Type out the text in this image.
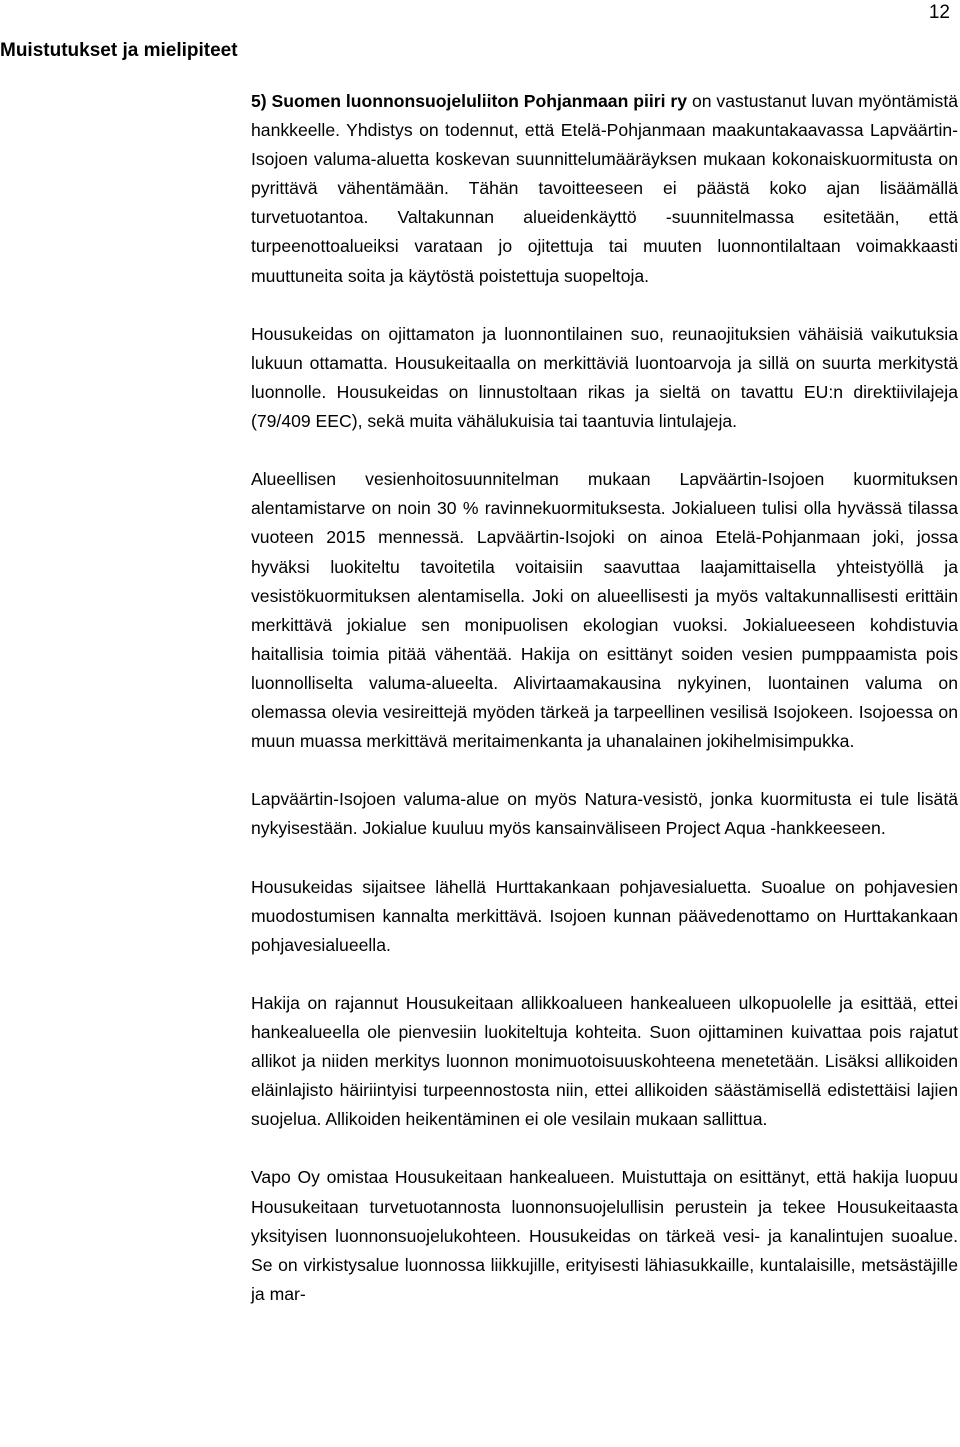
12
Muistutukset ja mielipiteet

5) Suomen luonnonsuojeluliiton Pohjanmaan piiri ry on vastustanut luvan myöntämistä hankkeelle. Yhdistys on todennut, että Etelä-Pohjanmaan maakuntakaavassa Lapväärtin-Isojoen valuma-aluetta koskevan suunnittelumääräyksen mukaan kokonaiskuormitusta on pyrittävä vähentämään. Tähän tavoitteeseen ei päästä koko ajan lisäämällä turvetuotantoa. Valtakunnan alueidenkäyttö -suunnitelmassa esitetään, että turpeenottoalueiksi varataan jo ojitettuja tai muuten luonnontilaltaan voimakkaasti muuttuneita soita ja käytöstä poistettuja suopeltoja.

Housukeidas on ojittamaton ja luonnontilainen suo, reunaojituksien vähäisiä vaikutuksia lukuun ottamatta. Housukeitaalla on merkittäviä luontoarvoja ja sillä on suurta merkitystä luonnolle. Housukeidas on linnustoltaan rikas ja sieltä on tavattu EU:n direktiivilajeja (79/409 EEC), sekä muita vähälukuisia tai taantuvia lintulajeja.

Alueellisen vesienhoitosuunnitelman mukaan Lapväärtin-Isojoen kuormituksen alentamistarve on noin 30 % ravinnekuormituksesta. Jokialueen tulisi olla hyvässä tilassa vuoteen 2015 mennessä. Lapväärtin-Isojoki on ainoa Etelä-Pohjanmaan joki, jossa hyväksi luokiteltu tavoitetila voitaisiin saavuttaa laajamittaisella yhteistyöllä ja vesistökuormituksen alentamisella. Joki on alueellisesti ja myös valtakunnallisesti erittäin merkittävä jokialue sen monipuolisen ekologian vuoksi. Jokialueeseen kohdistuvia haitallisia toimia pitää vähentää. Hakija on esittänyt soiden vesien pumppaamista pois luonnolliselta valuma-alueelta. Alivirtaamakausina nykyinen, luontainen valuma on olemassa olevia vesireittejä myöden tärkeä ja tarpeellinen vesilisä Isojokeen. Isojoessa on muun muassa merkittävä meritaimenkanta ja uhanalainen jokihelmisimpukka.

Lapväärtin-Isojoen valuma-alue on myös Natura-vesistö, jonka kuormitusta ei tule lisätä nykyisestään. Jokialue kuuluu myös kansainväliseen Project Aqua -hankkeeseen.

Housukeidas sijaitsee lähellä Hurttakankaan pohjavesialuetta. Suoalue on pohjavesien muodostumisen kannalta merkittävä. Isojoen kunnan päävedenottamo on Hurttakankaan pohjavesialueella.

Hakija on rajannut Housukeitaan allikkoalueen hankealueen ulkopuolelle ja esittää, ettei hankealueella ole pienvesiin luokiteltuja kohteita. Suon ojittaminen kuivattaa pois rajatut allikot ja niiden merkitys luonnon monimuotoisuuskohteena menetetään. Lisäksi allikoiden eläinlajisto häiriintyisi turpeennostosta niin, ettei allikoiden säästämisellä edistettäisi lajien suojelua. Allikoiden heikentäminen ei ole vesilain mukaan sallittua.

Vapo Oy omistaa Housukeitaan hankealueen. Muistuttaja on esittänyt, että hakija luopuu Housukeitaan turvetuotannosta luonnonsuojelullisin perustein ja tekee Housukeitaasta yksityisen luonnonsuojelukohteen. Housukeidas on tärkeä vesi- ja kanalintujen suoalue. Se on virkistysalue luonnossa liikkujille, erityisesti lähiasukkaille, kuntalaisille, metsästäjille ja mar-
